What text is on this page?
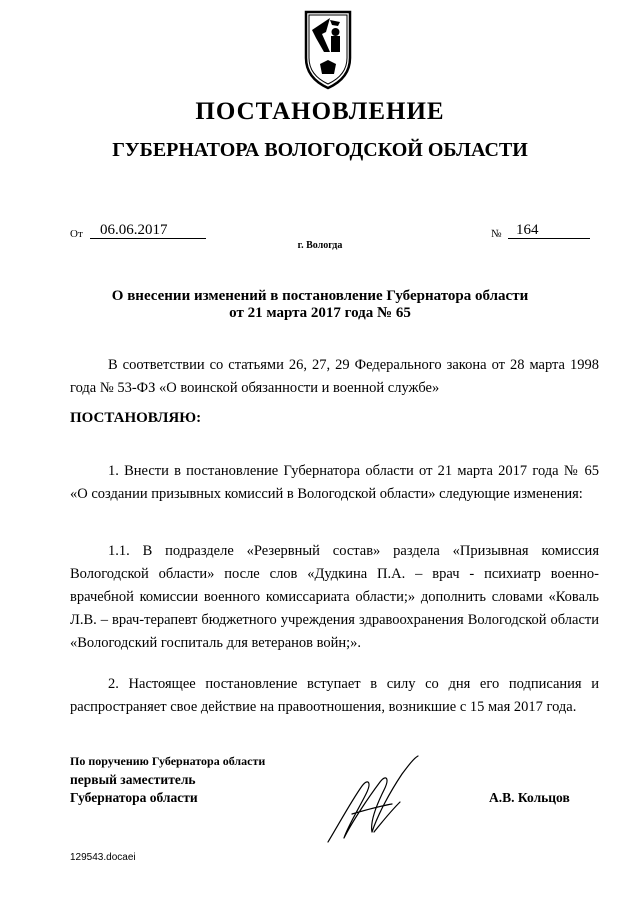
ПОСТАНОВЛЕНИЕ
ГУБЕРНАТОРА ВОЛОГОДСКОЙ ОБЛАСТИ
От	06.06.2017	№ 164
г. Вологда
О внесении изменений в постановление Губернатора области
от 21 марта 2017 года № 65

В соответствии со статьями 26, 27, 29 Федерального закона от 28 марта 1998 года № 53-ФЗ «О воинской обязанности и военной службе»

ПОСТАНОВЛЯЮ:

1. Внести в постановление Губернатора области от 21 марта 2017 года № 65 «О создании призывных комиссий в Вологодской области» следующие изменения:

1.1. В подразделе «Резервный состав» раздела «Призывная комиссия Вологодской области» после слов «Дудкина П.А. – врач - психиатр военно-врачебной комиссии военного комиссариата области;» дополнить словами «Коваль Л.В. – врач-терапевт бюджетного учреждения здравоохранения Вологодской области «Вологодский госпиталь для ветеранов войн;».

2. Настоящее постановление вступает в силу со дня его подписания и распространяет свое действие на правоотношения, возникшие с 15 мая 2017 года.

По поручению Губернатора области
первый заместитель
Губернатора области	А.В. Кольцов
129543.docaei
